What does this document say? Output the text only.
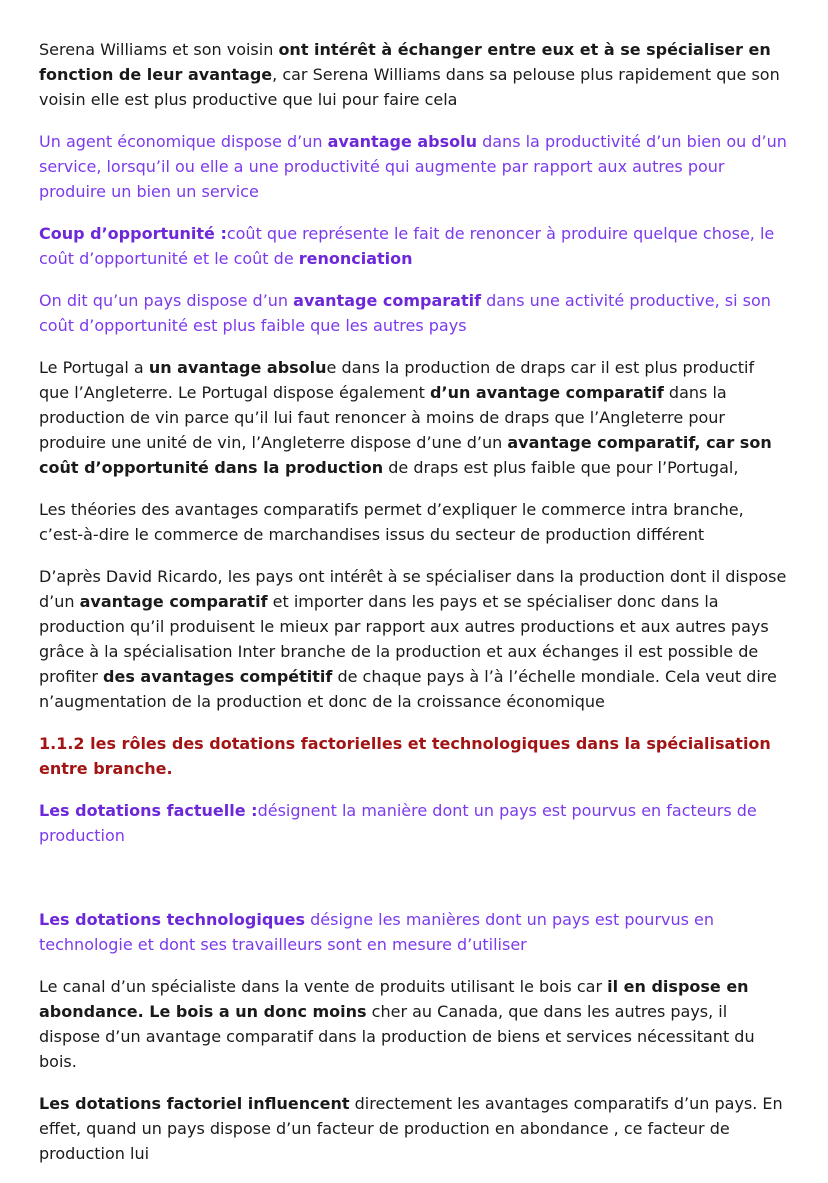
Serena Williams et son voisin ont intérêt à échanger entre eux et à se spécialiser en fonction de leur avantage, car Serena Williams dans sa pelouse plus rapidement que son voisin elle est plus productive que lui pour faire cela

Un agent économique dispose d’un avantage absolu dans la productivité d’un bien ou d’un service, lorsqu’il ou elle a une productivité qui augmente par rapport aux autres pour produire un bien un service

Coup d’opportunité :coût que représente le fait de renoncer à produire quelque chose, le coût d’opportunité et le coût de renonciation

On dit qu’un pays dispose d’un avantage comparatif dans une activité productive, si son coût d’opportunité est plus faible que les autres pays

Le Portugal a un avantage absolue dans la production de draps car il est plus productif que l’Angleterre. Le Portugal dispose également d’un avantage comparatif dans la production de vin parce qu’il lui faut renoncer à moins de draps que l’Angleterre pour produire une unité de vin, l’Angleterre dispose d’une d’un avantage comparatif, car son coût d’opportunité dans la production de draps est plus faible que pour l’Portugal,

Les théories des avantages comparatifs permet d’expliquer le commerce intra branche, c’est-à-dire le commerce de marchandises issus du secteur de production différent

D’après David Ricardo, les pays ont intérêt à se spécialiser dans la production dont il dispose d’un avantage comparatif et importer dans les pays et se spécialiser donc dans la production qu’il produisent le mieux par rapport aux autres productions et aux autres pays grâce à la spécialisation Inter branche de la production et aux échanges il est possible de profiter des avantages compétitif de chaque pays à l’à l’échelle mondiale. Cela veut dire n’augmentation de la production et donc de la croissance économique

1.1.2 les rôles des dotations factorielles et technologiques dans la spécialisation entre branche.

Les dotations factuelle :désignent la manière dont un pays est pourvus en facteurs de production

Les dotations technologiques désigne les manières dont un pays est pourvus en technologie et dont ses travailleurs sont en mesure d’utiliser

Le canal d’un spécialiste dans la vente de produits utilisant le bois car il en dispose en abondance. Le bois a un donc moins cher au Canada, que dans les autres pays, il dispose d’un avantage comparatif dans la production de biens et services nécessitant du bois.

Les dotations factoriel influencent directement les avantages comparatifs d’un pays. En effet, quand un pays dispose d’un facteur de production en abondance , ce facteur de production lui
